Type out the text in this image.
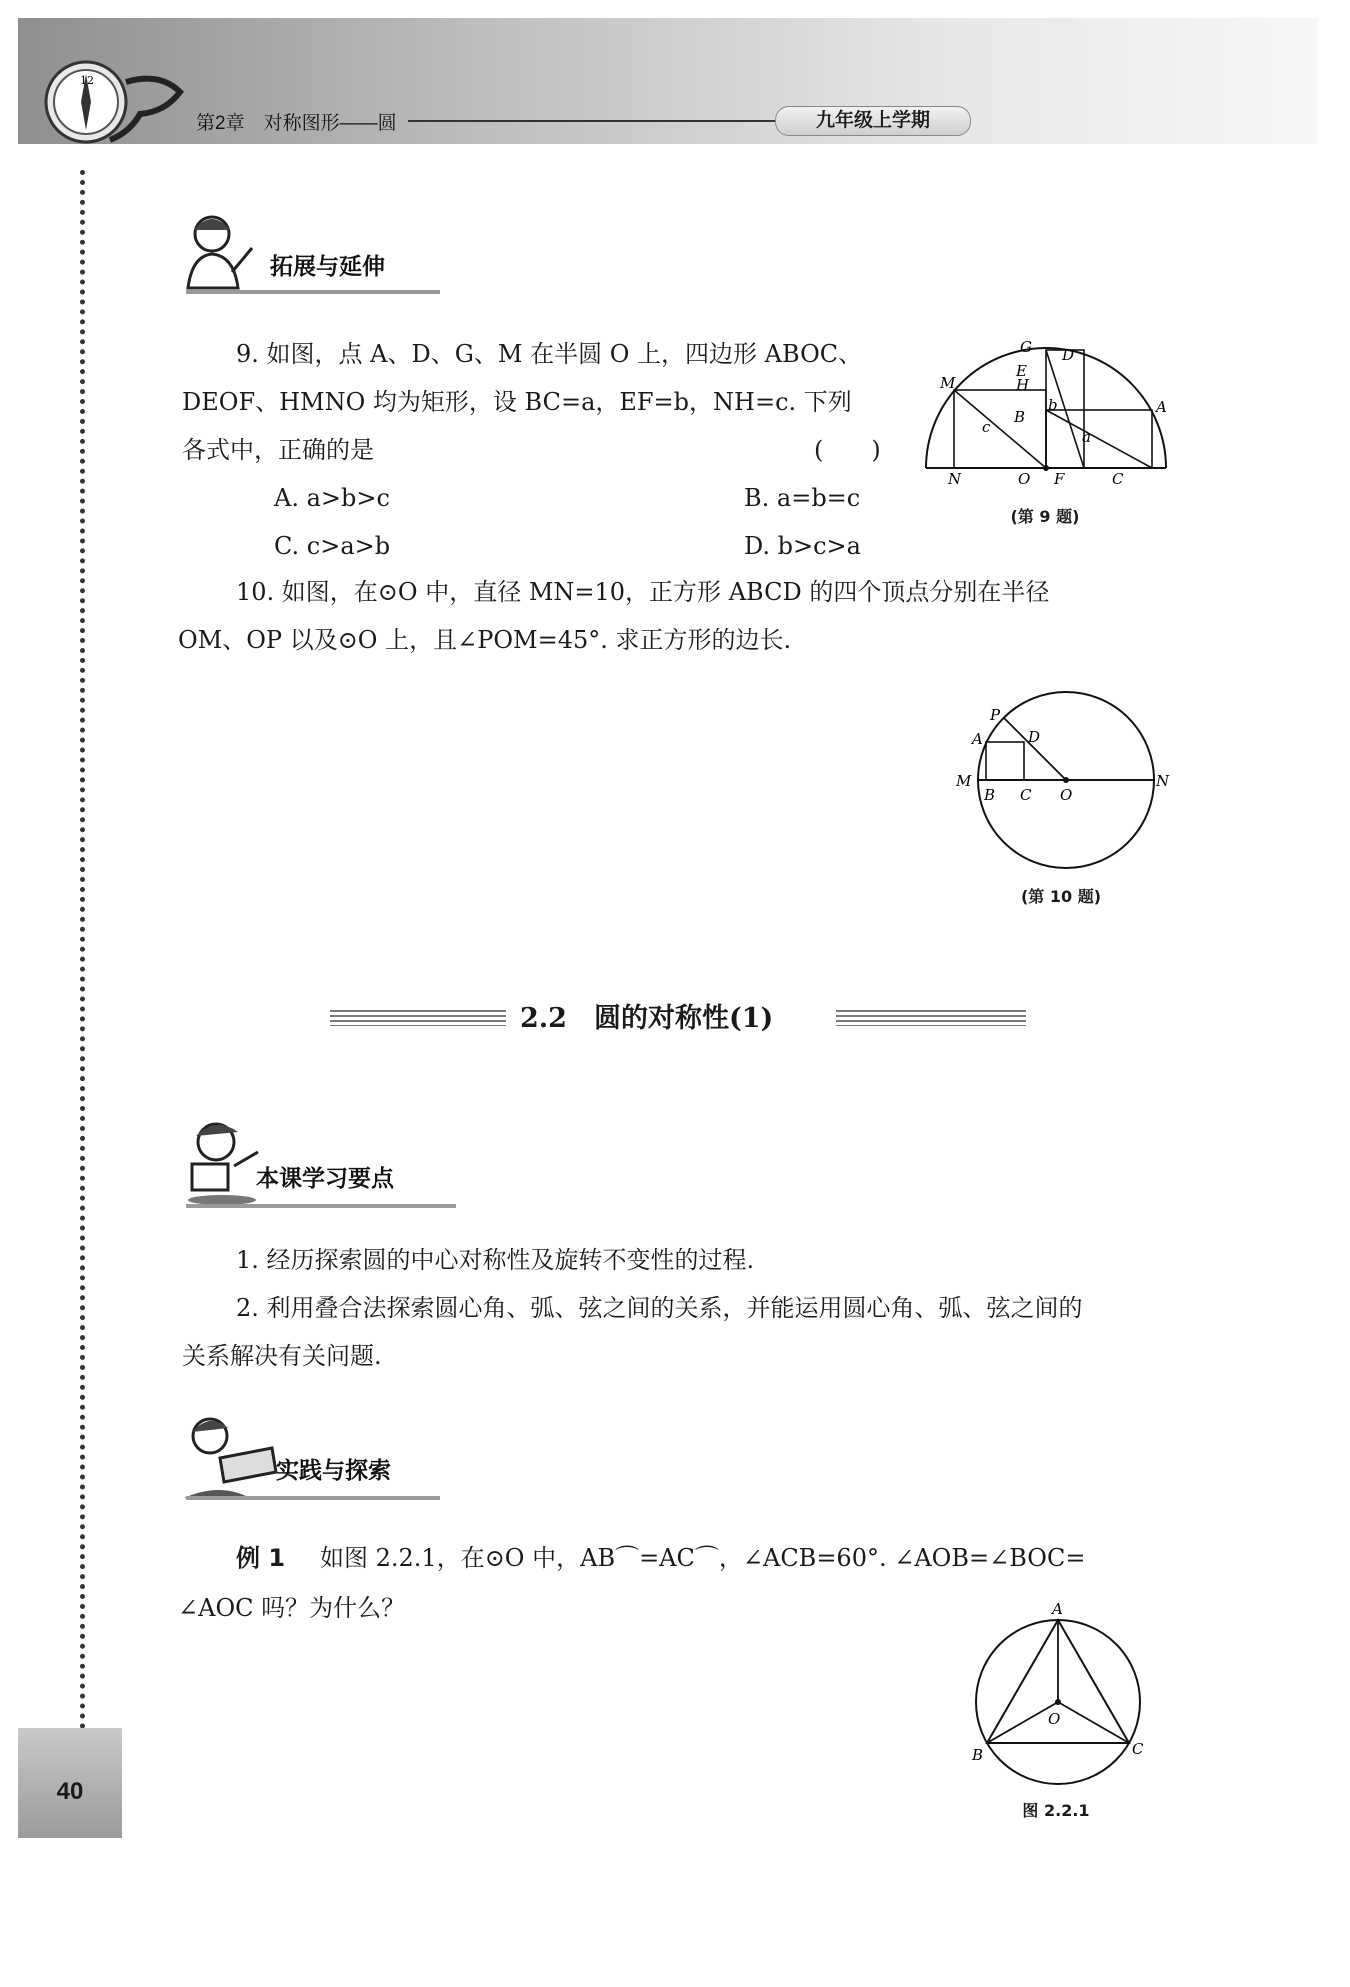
12
第2章　对称图形——圆	九年级上学期
40
拓展与延伸
9. 如图，点 A、D、G、M 在半圆 O 上，四边形 ABOC、
DEOF、HMNO 均为矩形，设 BC=a，EF=b，NH=c. 下列
各式中，正确的是	(　　)
A. a>b>c	B. a=b=c
C. c>a>b	D. b>c>a
G D
M
E
H
b	A
c
B
a
N	O F	C
(第 9 题)
10. 如图，在⊙O 中，直径 MN=10，正方形 ABCD 的四个顶点分别在半径
OM、OP 以及⊙O 上，且∠POM=45°. 求正方形的边长.
P
D
A
M
B C O
N
(第 10 题)
2.2　圆的对称性(1)
本课学习要点
1. 经历探索圆的中心对称性及旋转不变性的过程.
2. 利用叠合法探索圆心角、弧、弦之间的关系，并能运用圆心角、弧、弦之间的
关系解决有关问题.
实践与探索
例 1 如图 2.2.1，在⊙O 中，AB⌒=AC⌒，∠ACB=60°. ∠AOB=∠BOC=
∠AOC 吗？为什么？	A
O
B	C
图 2.2.1
